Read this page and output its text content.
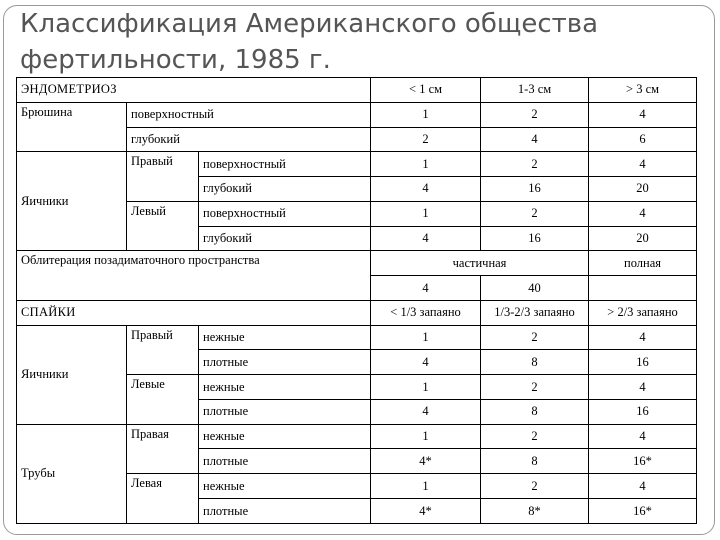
Классификация Американского общества фертильности, 1985 г.
ЭНДОМЕТРИОЗ			< 1 см	1-3 см	> 3 см
Брюшина	поверхностный		1	2	4
	глубокий		2	4	6
Яичники	Правый	поверхностный	1	2	4
		глубокий	4	16	20
	Левый	поверхностный	1	2	4
		глубокий	4	16	20
Облитерация позадиматочного пространства			частичная		полная
			4	40	
СПАЙКИ			< 1/3 запаяно	1/3-2/3 запаяно	> 2/3 запаяно
Яичники	Правый	нежные	1	2	4
		плотные	4	8	16
	Левые	нежные	1	2	4
		плотные	4	8	16
Трубы	Правая	нежные	1	2	4
		плотные	4*	8	16*
	Левая	нежные	1	2	4
		плотные	4*	8*	16*
